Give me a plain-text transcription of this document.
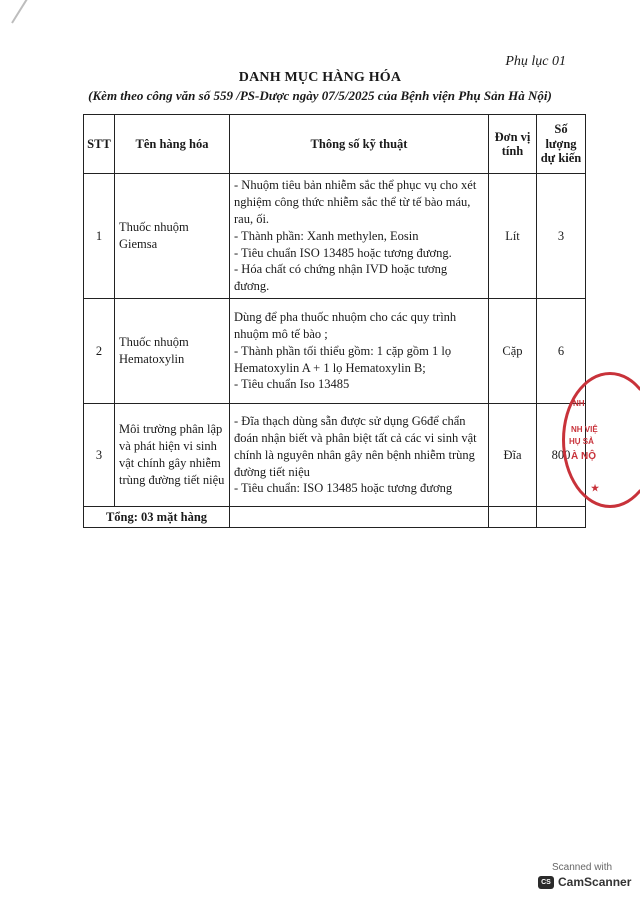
Phụ lục 01
DANH MỤC HÀNG HÓA
(Kèm theo công văn số 559 /PS-Dược ngày 07/5/2025 của Bệnh viện Phụ Sản Hà Nội)
STT	Tên hàng hóa	Thông số kỹ thuật	Đơn vị tính	Số lượng dự kiến
1	Thuốc nhuộm Giemsa	- Nhuộm tiêu bản nhiễm sắc thể phục vụ cho xét nghiệm công thức nhiễm sắc thể từ tế bào máu, rau, ối.
- Thành phần: Xanh methylen, Eosin
- Tiêu chuẩn ISO 13485 hoặc tương đương.
- Hóa chất có chứng nhận IVD hoặc tương đương.	Lít	3
2	Thuốc nhuộm Hematoxylin	Dùng để pha thuốc nhuộm cho các quy trình nhuộm mô tế bào ;
- Thành phần tối thiểu gồm: 1 cặp gồm 1 lọ Hematoxylin A + 1 lọ Hematoxylin B;
- Tiêu chuẩn Iso 13485	Cặp	6
3	Môi trường phân lập và phát hiện vi sinh vật chính gây nhiễm trùng đường tiết niệu	- Đĩa thạch dùng sẵn được sử dụng G6để chẩn đoán nhận biết và phân biệt tất cả các vi sinh vật chính là nguyên nhân gây nên bệnh nhiễm trùng đường tiết niệu
- Tiêu chuẩn: ISO 13485 hoặc tương đương	Đĩa	800
Tổng: 03 mặt hàng				
NH
NH VIỆ
HỤ SẢ
À NỘ
★
Scanned with
CS CamScanner
